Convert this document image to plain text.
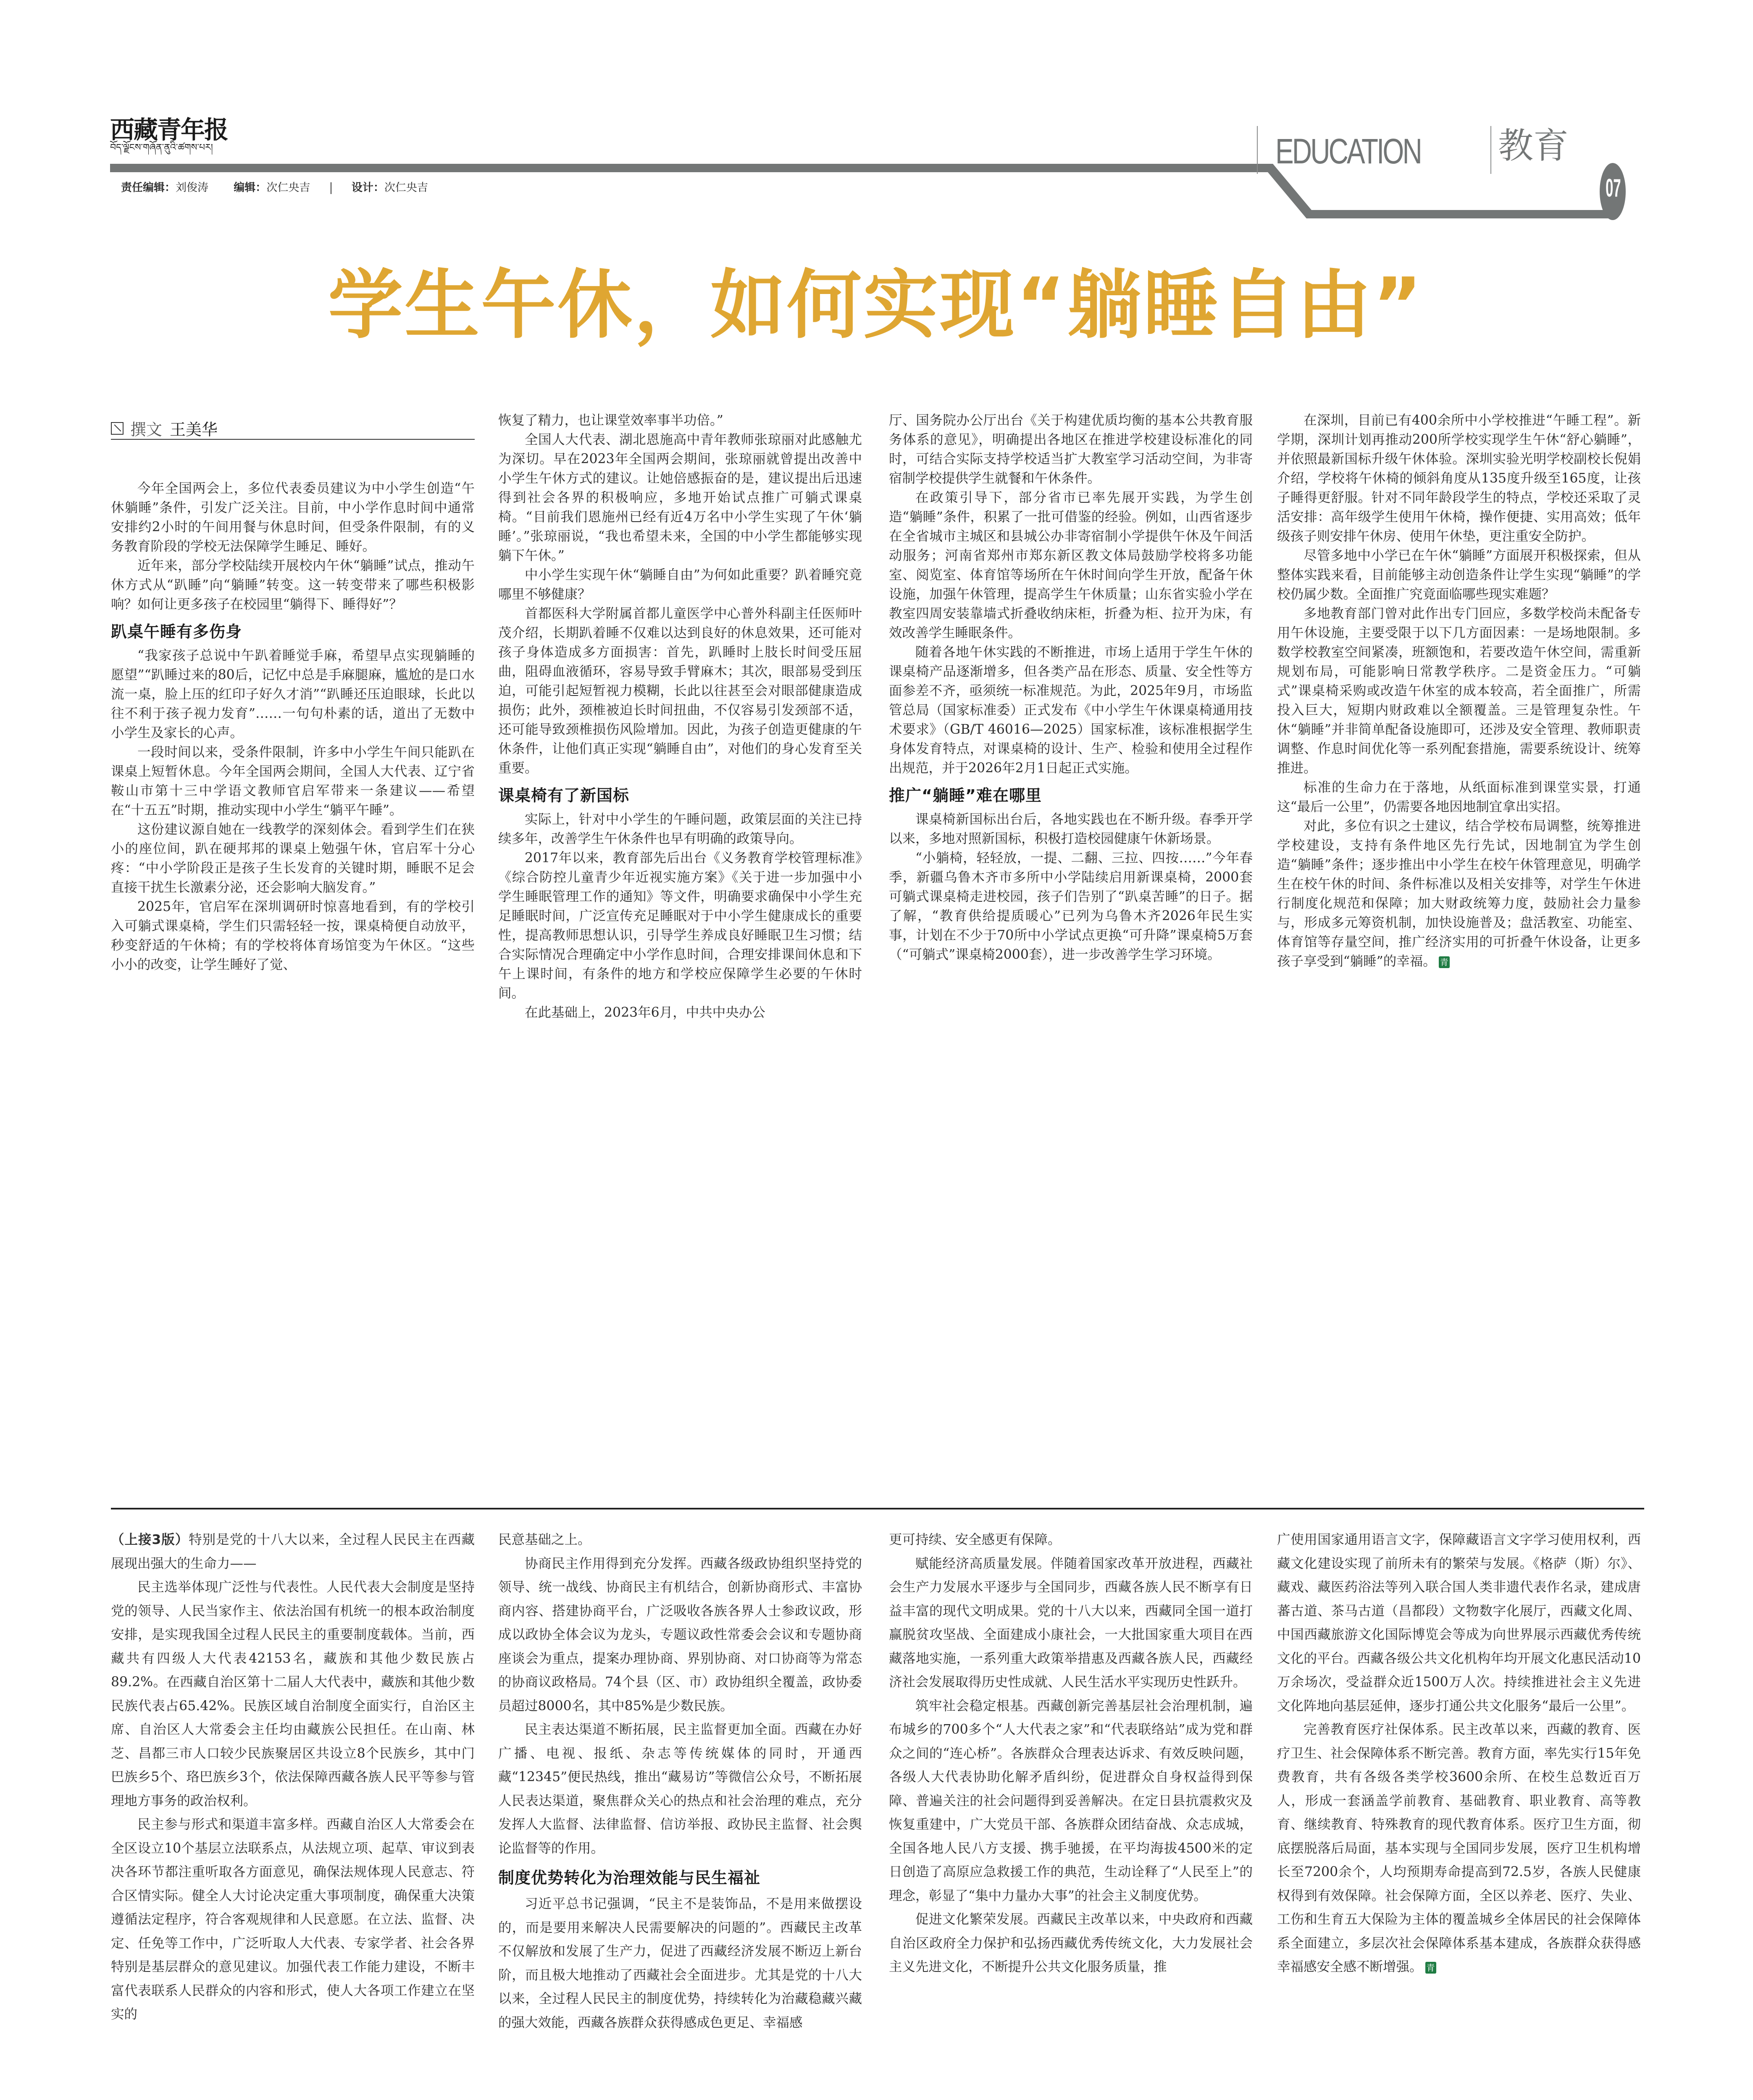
西藏青年报
བོད་ལྗོངས་གཞོན་ནུའི་ཚགས་པར།
责任编辑：刘俊涛 编辑：次仁央吉	设计：次仁央吉
EDUCATION 教育
07
学生午休，如何实现“躺睡自由”
撰文 王美华

今年全国两会上，多位代表委员建议为中小学生创造“午休躺睡”条件，引发广泛关注。目前，中小学作息时间中通常安排约2小时的午间用餐与休息时间，但受条件限制，有的义务教育阶段的学校无法保障学生睡足、睡好。

近年来，部分学校陆续开展校内午休“躺睡”试点，推动午休方式从“趴睡”向“躺睡”转变。这一转变带来了哪些积极影响？如何让更多孩子在校园里“躺得下、睡得好”？

趴桌午睡有多伤身

“我家孩子总说中午趴着睡觉手麻，希望早点实现躺睡的愿望”“趴睡过来的80后，记忆中总是手麻腿麻，尴尬的是口水流一桌，脸上压的红印子好久才消”“趴睡还压迫眼球，长此以往不利于孩子视力发育”……一句句朴素的话，道出了无数中小学生及家长的心声。

一段时间以来，受条件限制，许多中小学生午间只能趴在课桌上短暂休息。今年全国两会期间，全国人大代表、辽宁省鞍山市第十三中学语文教师官启军带来一条建议——希望在“十五五”时期，推动实现中小学生“躺平午睡”。

这份建议源自她在一线教学的深刻体会。看到学生们在狭小的座位间，趴在硬邦邦的课桌上勉强午休，官启军十分心疼：“中小学阶段正是孩子生长发育的关键时期，睡眠不足会直接干扰生长激素分泌，还会影响大脑发育。”

2025年，官启军在深圳调研时惊喜地看到，有的学校引入可躺式课桌椅，学生们只需轻轻一按，课桌椅便自动放平，秒变舒适的午休椅；有的学校将体育场馆变为午休区。“这些小小的改变，让学生睡好了觉、

恢复了精力，也让课堂效率事半功倍。”

全国人大代表、湖北恩施高中青年教师张琼丽对此感触尤为深切。早在2023年全国两会期间，张琼丽就曾提出改善中小学生午休方式的建议。让她倍感振奋的是，建议提出后迅速得到社会各界的积极响应，多地开始试点推广可躺式课桌椅。“目前我们恩施州已经有近4万名中小学生实现了午休‘躺睡’。”张琼丽说，“我也希望未来，全国的中小学生都能够实现躺下午休。”

中小学生实现午休“躺睡自由”为何如此重要？趴着睡究竟哪里不够健康？

首都医科大学附属首都儿童医学中心普外科副主任医师叶茂介绍，长期趴着睡不仅难以达到良好的休息效果，还可能对孩子身体造成多方面损害：首先，趴睡时上肢长时间受压屈曲，阻碍血液循环，容易导致手臂麻木；其次，眼部易受到压迫，可能引起短暂视力模糊，长此以往甚至会对眼部健康造成损伤；此外，颈椎被迫长时间扭曲，不仅容易引发颈部不适，还可能导致颈椎损伤风险增加。因此，为孩子创造更健康的午休条件，让他们真正实现“躺睡自由”，对他们的身心发育至关重要。

课桌椅有了新国标

实际上，针对中小学生的午睡问题，政策层面的关注已持续多年，改善学生午休条件也早有明确的政策导向。

2017年以来，教育部先后出台《义务教育学校管理标准》《综合防控儿童青少年近视实施方案》《关于进一步加强中小学生睡眠管理工作的通知》等文件，明确要求确保中小学生充足睡眠时间，广泛宣传充足睡眠对于中小学生健康成长的重要性，提高教师思想认识，引导学生养成良好睡眠卫生习惯；结合实际情况合理确定中小学作息时间，合理安排课间休息和下午上课时间，有条件的地方和学校应保障学生必要的午休时间。

在此基础上，2023年6月，中共中央办公

厅、国务院办公厅出台《关于构建优质均衡的基本公共教育服务体系的意见》，明确提出各地区在推进学校建设标准化的同时，可结合实际支持学校适当扩大教室学习活动空间，为非寄宿制学校提供学生就餐和午休条件。

在政策引导下，部分省市已率先展开实践，为学生创造“躺睡”条件，积累了一批可借鉴的经验。例如，山西省逐步在全省城市主城区和县城公办非寄宿制小学提供午休及午间活动服务；河南省郑州市郑东新区教文体局鼓励学校将多功能室、阅览室、体育馆等场所在午休时间向学生开放，配备午休设施，加强午休管理，提高学生午休质量；山东省实验小学在教室四周安装靠墙式折叠收纳床柜，折叠为柜、拉开为床，有效改善学生睡眠条件。

随着各地午休实践的不断推进，市场上适用于学生午休的课桌椅产品逐渐增多，但各类产品在形态、质量、安全性等方面参差不齐，亟须统一标准规范。为此，2025年9月，市场监管总局（国家标准委）正式发布《中小学生午休课桌椅通用技术要求》（GB/T 46016—2025）国家标准，该标准根据学生身体发育特点，对课桌椅的设计、生产、检验和使用全过程作出规范，并于2026年2月1日起正式实施。

推广“躺睡”难在哪里

课桌椅新国标出台后，各地实践也在不断升级。春季开学以来，多地对照新国标，积极打造校园健康午休新场景。

“小躺椅，轻轻放，一提、二翻、三拉、四按……”今年春季，新疆乌鲁木齐市多所中小学陆续启用新课桌椅，2000套可躺式课桌椅走进校园，孩子们告别了“趴桌苦睡”的日子。据了解，“教育供给提质暖心”已列为乌鲁木齐2026年民生实事，计划在不少于70所中小学试点更换“可升降”课桌椅5万套（“可躺式”课桌椅2000套），进一步改善学生学习环境。

在深圳，目前已有400余所中小学校推进“午睡工程”。新学期，深圳计划再推动200所学校实现学生午休“舒心躺睡”，并依照最新国标升级午休体验。深圳实验光明学校副校长倪娟介绍，学校将午休椅的倾斜角度从135度升级至165度，让孩子睡得更舒服。针对不同年龄段学生的特点，学校还采取了灵活安排：高年级学生使用午休椅，操作便捷、实用高效；低年级孩子则安排午休房、使用午休垫，更注重安全防护。

尽管多地中小学已在午休“躺睡”方面展开积极探索，但从整体实践来看，目前能够主动创造条件让学生实现“躺睡”的学校仍属少数。全面推广究竟面临哪些现实难题？

多地教育部门曾对此作出专门回应，多数学校尚未配备专用午休设施，主要受限于以下几方面因素：一是场地限制。多数学校教室空间紧凑，班额饱和，若要改造午休空间，需重新规划布局，可能影响日常教学秩序。二是资金压力。“可躺式”课桌椅采购或改造午休室的成本较高，若全面推广，所需投入巨大，短期内财政难以全额覆盖。三是管理复杂性。午休“躺睡”并非简单配备设施即可，还涉及安全管理、教师职责调整、作息时间优化等一系列配套措施，需要系统设计、统筹推进。

标准的生命力在于落地，从纸面标准到课堂实景，打通这“最后一公里”，仍需要各地因地制宜拿出实招。

对此，多位有识之士建议，结合学校布局调整，统筹推进学校建设，支持有条件地区先行先试，因地制宜为学生创造“躺睡”条件；逐步推出中小学生在校午休管理意见，明确学生在校午休的时间、条件标准以及相关安排等，对学生午休进行制度化规范和保障；加大财政统筹力度，鼓励社会力量参与，形成多元筹资机制，加快设施普及；盘活教室、功能室、体育馆等存量空间，推广经济实用的可折叠午休设备，让更多孩子享受到“躺睡”的幸福。 青

（上接3版）特别是党的十八大以来，全过程人民民主在西藏展现出强大的生命力——

民主选举体现广泛性与代表性。人民代表大会制度是坚持党的领导、人民当家作主、依法治国有机统一的根本政治制度安排，是实现我国全过程人民民主的重要制度载体。当前，西藏共有四级人大代表42153名，藏族和其他少数民族占89.2%。在西藏自治区第十二届人大代表中，藏族和其他少数民族代表占65.42%。民族区域自治制度全面实行，自治区主席、自治区人大常委会主任均由藏族公民担任。在山南、林芝、昌都三市人口较少民族聚居区共设立8个民族乡，其中门巴族乡5个、珞巴族乡3个，依法保障西藏各族人民平等参与管理地方事务的政治权利。

民主参与形式和渠道丰富多样。西藏自治区人大常委会在全区设立10个基层立法联系点，从法规立项、起草、审议到表决各环节都注重听取各方面意见，确保法规体现人民意志、符合区情实际。健全人大讨论决定重大事项制度，确保重大决策遵循法定程序，符合客观规律和人民意愿。在立法、监督、决定、任免等工作中，广泛听取人大代表、专家学者、社会各界特别是基层群众的意见建议。加强代表工作能力建设，不断丰富代表联系人民群众的内容和形式，使人大各项工作建立在坚实的

民意基础之上。

协商民主作用得到充分发挥。西藏各级政协组织坚持党的领导、统一战线、协商民主有机结合，创新协商形式、丰富协商内容、搭建协商平台，广泛吸收各族各界人士参政议政，形成以政协全体会议为龙头，专题议政性常委会会议和专题协商座谈会为重点，提案办理协商、界别协商、对口协商等为常态的协商议政格局。74个县（区、市）政协组织全覆盖，政协委员超过8000名，其中85%是少数民族。

民主表达渠道不断拓展，民主监督更加全面。西藏在办好广播、电视、报纸、杂志等传统媒体的同时，开通西藏“12345”便民热线，推出“藏易访”等微信公众号，不断拓展人民表达渠道，聚焦群众关心的热点和社会治理的难点，充分发挥人大监督、法律监督、信访举报、政协民主监督、社会舆论监督等的作用。

制度优势转化为治理效能与民生福祉

习近平总书记强调，“民主不是装饰品，不是用来做摆设的，而是要用来解决人民需要解决的问题的”。西藏民主改革不仅解放和发展了生产力，促进了西藏经济发展不断迈上新台阶，而且极大地推动了西藏社会全面进步。尤其是党的十八大以来，全过程人民民主的制度优势，持续转化为治藏稳藏兴藏的强大效能，西藏各族群众获得感成色更足、幸福感

更可持续、安全感更有保障。

赋能经济高质量发展。伴随着国家改革开放进程，西藏社会生产力发展水平逐步与全国同步，西藏各族人民不断享有日益丰富的现代文明成果。党的十八大以来，西藏同全国一道打赢脱贫攻坚战、全面建成小康社会，一大批国家重大项目在西藏落地实施，一系列重大政策举措惠及西藏各族人民，西藏经济社会发展取得历史性成就、人民生活水平实现历史性跃升。

筑牢社会稳定根基。西藏创新完善基层社会治理机制，遍布城乡的700多个“人大代表之家”和“代表联络站”成为党和群众之间的“连心桥”。各族群众合理表达诉求、有效反映问题，各级人大代表协助化解矛盾纠纷，促进群众自身权益得到保障、普遍关注的社会问题得到妥善解决。在定日县抗震救灾及恢复重建中，广大党员干部、各族群众团结奋战、众志成城，全国各地人民八方支援、携手驰援，在平均海拔4500米的定日创造了高原应急救援工作的典范，生动诠释了“人民至上”的理念，彰显了“集中力量办大事”的社会主义制度优势。

促进文化繁荣发展。西藏民主改革以来，中央政府和西藏自治区政府全力保护和弘扬西藏优秀传统文化，大力发展社会主义先进文化，不断提升公共文化服务质量，推

广使用国家通用语言文字，保障藏语言文字学习使用权利，西藏文化建设实现了前所未有的繁荣与发展。《格萨（斯）尔》、藏戏、藏医药浴法等列入联合国人类非遗代表作名录，建成唐蕃古道、茶马古道（昌都段）文物数字化展厅，西藏文化周、中国西藏旅游文化国际博览会等成为向世界展示西藏优秀传统文化的平台。西藏各级公共文化机构年均开展文化惠民活动10万余场次，受益群众近1500万人次。持续推进社会主义先进文化阵地向基层延伸，逐步打通公共文化服务“最后一公里”。

完善教育医疗社保体系。民主改革以来，西藏的教育、医疗卫生、社会保障体系不断完善。教育方面，率先实行15年免费教育，共有各级各类学校3600余所、在校生总数近百万人，形成一套涵盖学前教育、基础教育、职业教育、高等教育、继续教育、特殊教育的现代教育体系。医疗卫生方面，彻底摆脱落后局面，基本实现与全国同步发展，医疗卫生机构增长至7200余个，人均预期寿命提高到72.5岁，各族人民健康权得到有效保障。社会保障方面，全区以养老、医疗、失业、工伤和生育五大保险为主体的覆盖城乡全体居民的社会保障体系全面建立，多层次社会保障体系基本建成，各族群众获得感幸福感安全感不断增强。 青
